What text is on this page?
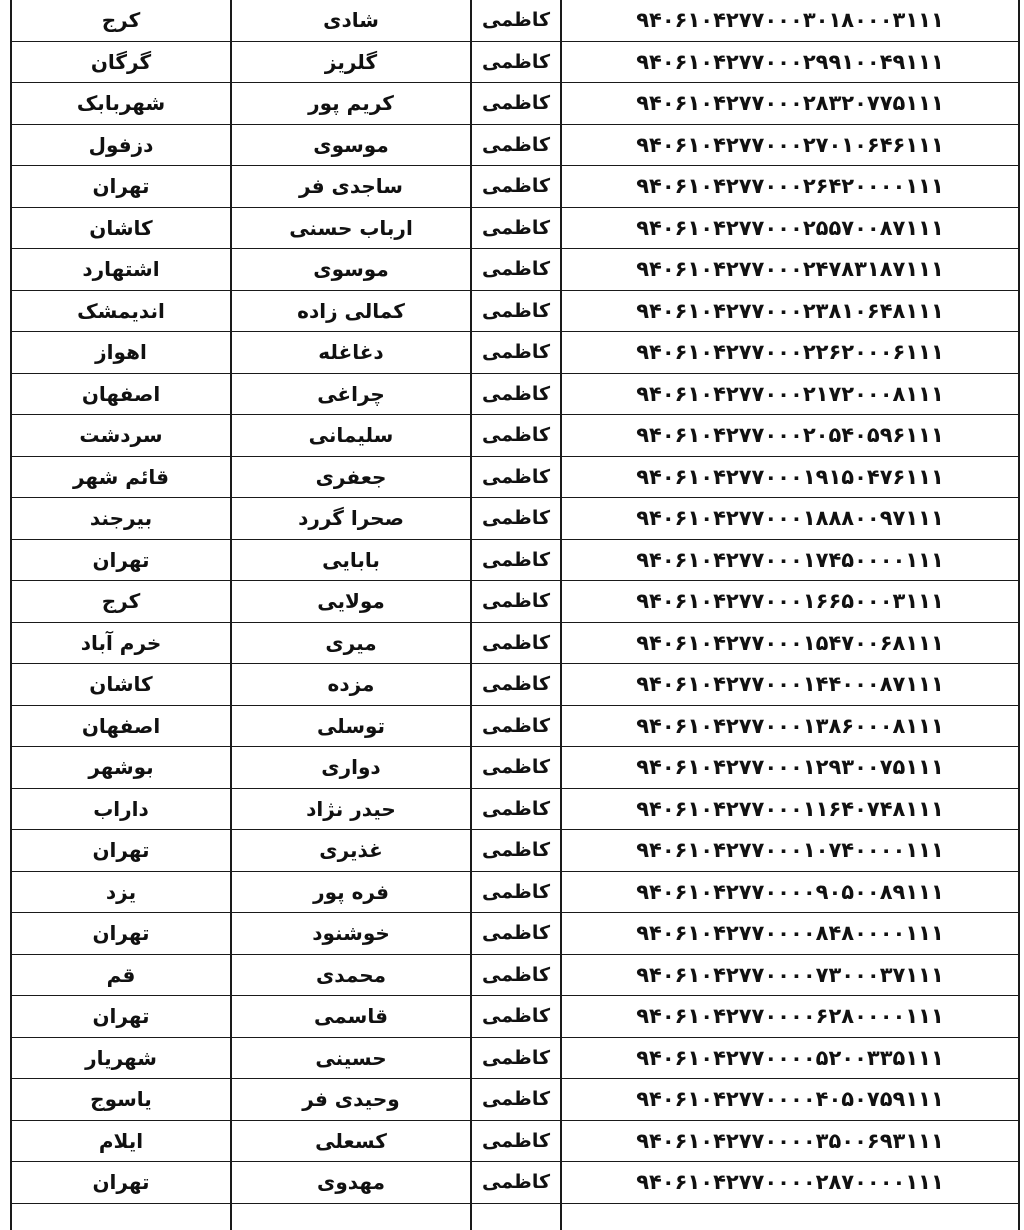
کرج	شادی	کاظمی	۹۴۰۶۱۰۴۲۷۷۰۰۰۳۰۱۸۰۰۰۳۱۱۱
گرگان	گلریز	کاظمی	۹۴۰۶۱۰۴۲۷۷۰۰۰۲۹۹۱۰۰۴۹۱۱۱
شهربابک	کریم پور	کاظمی	۹۴۰۶۱۰۴۲۷۷۰۰۰۲۸۳۲۰۷۷۵۱۱۱
دزفول	موسوی	کاظمی	۹۴۰۶۱۰۴۲۷۷۰۰۰۲۷۰۱۰۶۴۶۱۱۱
تهران	ساجدی فر	کاظمی	۹۴۰۶۱۰۴۲۷۷۰۰۰۲۶۴۲۰۰۰۰۱۱۱
کاشان	ارباب حسنی	کاظمی	۹۴۰۶۱۰۴۲۷۷۰۰۰۲۵۵۷۰۰۸۷۱۱۱
اشتهارد	موسوی	کاظمی	۹۴۰۶۱۰۴۲۷۷۰۰۰۲۴۷۸۳۱۸۷۱۱۱
اندیمشک	کمالی زاده	کاظمی	۹۴۰۶۱۰۴۲۷۷۰۰۰۲۳۸۱۰۶۴۸۱۱۱
اهواز	دغاغله	کاظمی	۹۴۰۶۱۰۴۲۷۷۰۰۰۲۲۶۲۰۰۰۶۱۱۱
اصفهان	چراغی	کاظمی	۹۴۰۶۱۰۴۲۷۷۰۰۰۲۱۷۲۰۰۰۸۱۱۱
سردشت	سلیمانی	کاظمی	۹۴۰۶۱۰۴۲۷۷۰۰۰۲۰۵۴۰۵۹۶۱۱۱
قائم شهر	جعفری	کاظمی	۹۴۰۶۱۰۴۲۷۷۰۰۰۱۹۱۵۰۴۷۶۱۱۱
بیرجند	صحرا گررد	کاظمی	۹۴۰۶۱۰۴۲۷۷۰۰۰۱۸۸۸۰۰۹۷۱۱۱
تهران	بابایی	کاظمی	۹۴۰۶۱۰۴۲۷۷۰۰۰۱۷۴۵۰۰۰۰۱۱۱
کرج	مولایی	کاظمی	۹۴۰۶۱۰۴۲۷۷۰۰۰۱۶۶۵۰۰۰۳۱۱۱
خرم آباد	میری	کاظمی	۹۴۰۶۱۰۴۲۷۷۰۰۰۱۵۴۷۰۰۶۸۱۱۱
کاشان	مزده	کاظمی	۹۴۰۶۱۰۴۲۷۷۰۰۰۱۴۴۰۰۰۸۷۱۱۱
اصفهان	توسلی	کاظمی	۹۴۰۶۱۰۴۲۷۷۰۰۰۱۳۸۶۰۰۰۸۱۱۱
بوشهر	دواری	کاظمی	۹۴۰۶۱۰۴۲۷۷۰۰۰۱۲۹۳۰۰۷۵۱۱۱
داراب	حیدر نژاد	کاظمی	۹۴۰۶۱۰۴۲۷۷۰۰۰۱۱۶۴۰۷۴۸۱۱۱
تهران	غذیری	کاظمی	۹۴۰۶۱۰۴۲۷۷۰۰۰۱۰۷۴۰۰۰۰۱۱۱
یزد	فره پور	کاظمی	۹۴۰۶۱۰۴۲۷۷۰۰۰۰۹۰۵۰۰۸۹۱۱۱
تهران	خوشنود	کاظمی	۹۴۰۶۱۰۴۲۷۷۰۰۰۰۸۴۸۰۰۰۰۱۱۱
قم	محمدی	کاظمی	۹۴۰۶۱۰۴۲۷۷۰۰۰۰۷۳۰۰۰۳۷۱۱۱
تهران	قاسمی	کاظمی	۹۴۰۶۱۰۴۲۷۷۰۰۰۰۶۲۸۰۰۰۰۱۱۱
شهریار	حسینی	کاظمی	۹۴۰۶۱۰۴۲۷۷۰۰۰۰۵۲۰۰۳۳۵۱۱۱
یاسوج	وحیدی فر	کاظمی	۹۴۰۶۱۰۴۲۷۷۰۰۰۰۴۰۵۰۷۵۹۱۱۱
ایلام	کسعلی	کاظمی	۹۴۰۶۱۰۴۲۷۷۰۰۰۰۳۵۰۰۶۹۳۱۱۱
تهران	مهدوی	کاظمی	۹۴۰۶۱۰۴۲۷۷۰۰۰۰۲۸۷۰۰۰۰۱۱۱
